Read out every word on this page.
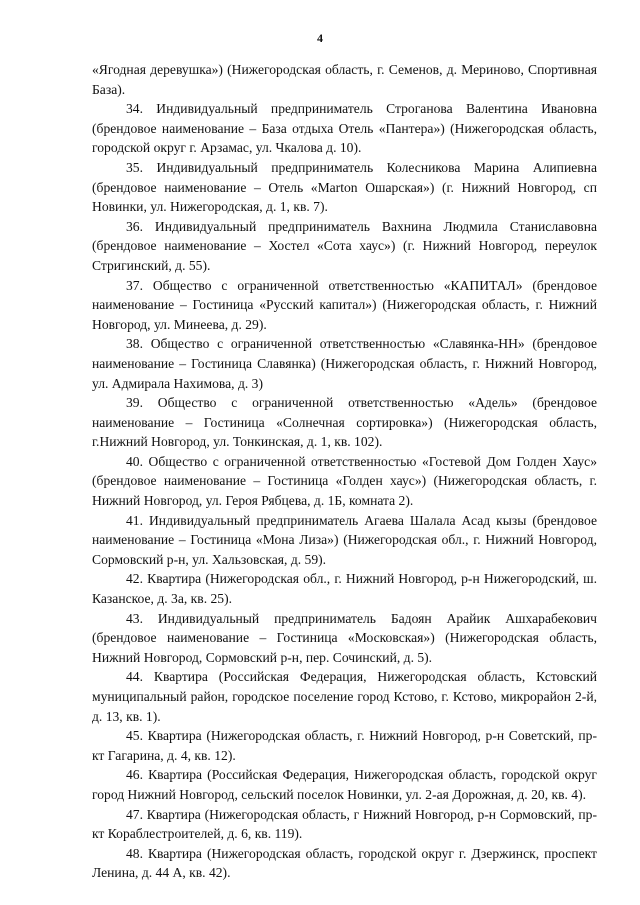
4

«Ягодная деревушка») (Нижегородская область, г. Семенов, д. Мериново, Спортивная База).

34. Индивидуальный предприниматель Строганова Валентина Ивановна (брендовое наименование – База отдыха Отель «Пантера») (Нижегородская область, городской округ г. Арзамас, ул. Чкалова д. 10).

35. Индивидуальный предприниматель Колесникова Марина Алипиевна (брендовое наименование – Отель «Marton Ошарская») (г. Нижний Новгород, сп Новинки, ул. Нижегородская, д. 1, кв. 7).

36. Индивидуальный предприниматель Вахнина Людмила Станиславовна (брендовое наименование – Хостел «Сота хаус») (г. Нижний Новгород, переулок Стригинский, д. 55).

37. Общество с ограниченной ответственностью «КАПИТАЛ» (брендовое наименование – Гостиница «Русский капитал») (Нижегородская область, г. Нижний Новгород, ул. Минеева, д. 29).

38. Общество с ограниченной ответственностью «Славянка-НН» (брендовое наименование – Гостиница Славянка) (Нижегородская область, г. Нижний Новгород, ул. Адмирала Нахимова, д. 3)

39. Общество с ограниченной ответственностью «Адель» (брендовое наименование – Гостиница «Солнечная сортировка») (Нижегородская область, г.Нижний Новгород, ул. Тонкинская, д. 1, кв. 102).

40. Общество с ограниченной ответственностью «Гостевой Дом Голден Хаус» (брендовое наименование – Гостиница «Голден хаус») (Нижегородская область, г. Нижний Новгород, ул. Героя Рябцева, д. 1Б, комната 2).

41. Индивидуальный предприниматель Агаева Шалала Асад кызы (брендовое наименование – Гостиница «Мона Лиза») (Нижегородская обл., г. Нижний Новгород, Сормовский р-н, ул. Хальзовская, д. 59).

42. Квартира (Нижегородская обл., г. Нижний Новгород, р-н Нижегородский, ш. Казанское, д. 3а, кв. 25).

43. Индивидуальный предприниматель Бадоян Арайик Ашхарабекович (брендовое наименование – Гостиница «Московская») (Нижегородская область, Нижний Новгород, Сормовский р-н, пер. Сочинский, д. 5).

44. Квартира (Российская Федерация, Нижегородская область, Кстовский муниципальный район, городское поселение город Кстово, г. Кстово, микрорайон 2-й, д. 13, кв. 1).

45. Квартира (Нижегородская область, г. Нижний Новгород, р-н Советский, пр-кт Гагарина, д. 4, кв. 12).

46. Квартира (Российская Федерация, Нижегородская область, городской округ город Нижний Новгород, сельский поселок Новинки, ул. 2-ая Дорожная, д. 20, кв. 4).

47. Квартира (Нижегородская область, г Нижний Новгород, р-н Сормовский, пр-кт Кораблестроителей, д. 6, кв. 119).

48. Квартира (Нижегородская область, городской округ г. Дзержинск, проспект Ленина, д. 44 А, кв. 42).
